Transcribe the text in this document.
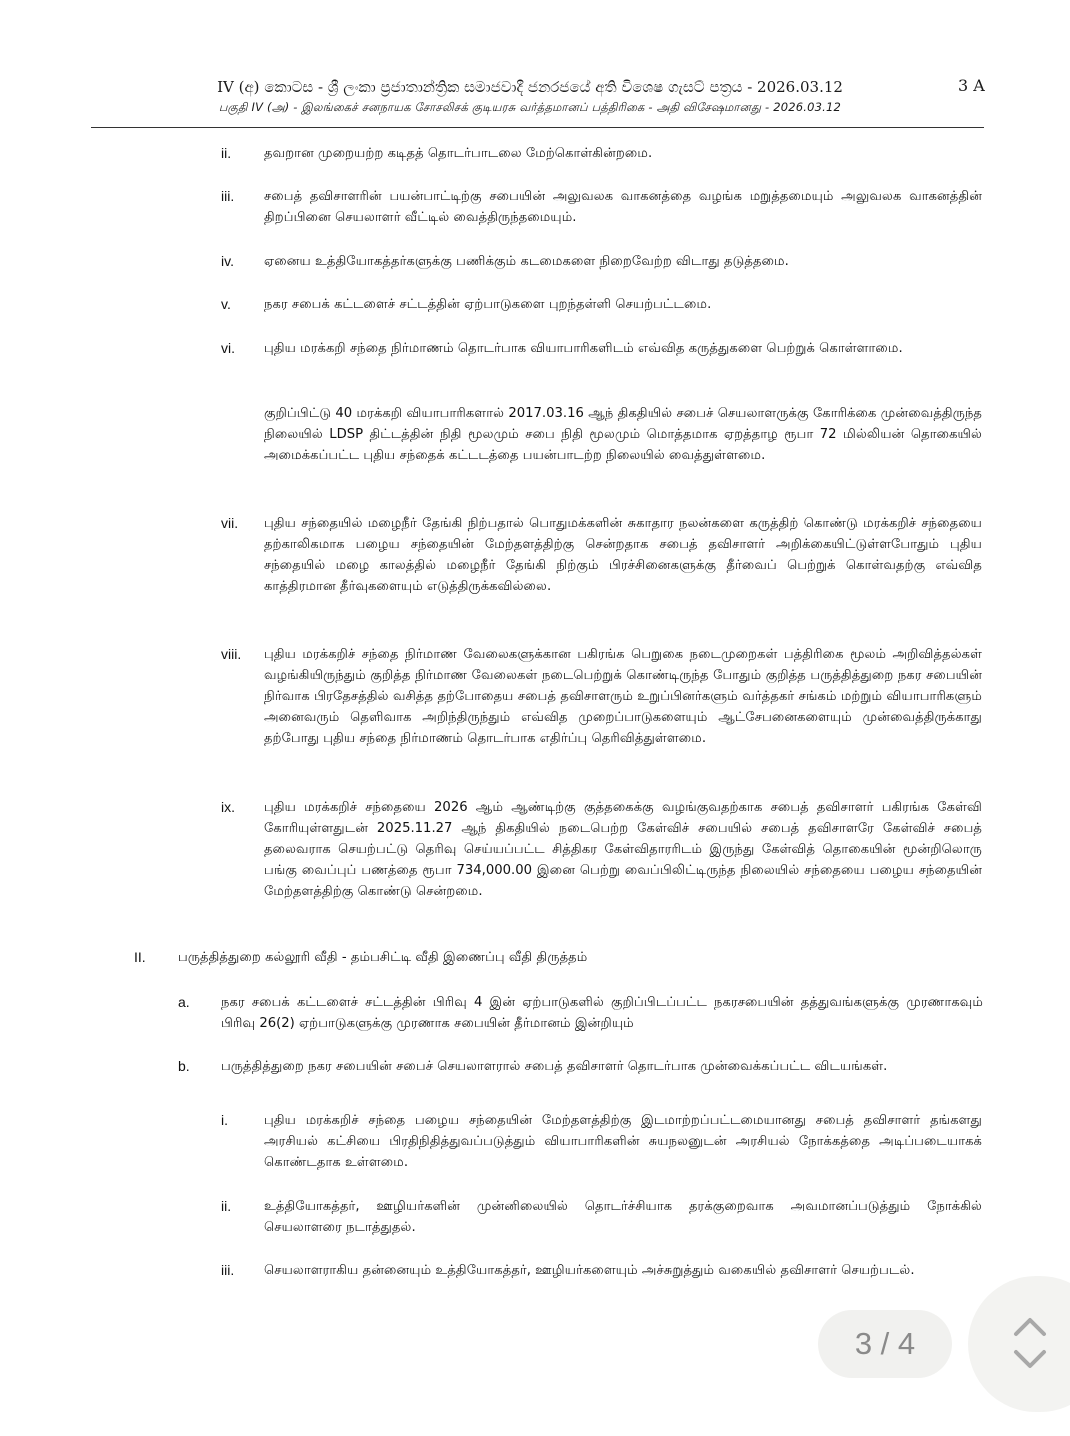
IV (අ) කොටස - ශ්‍රී ලංකා ප්‍රජාතාන්ත්‍රික සමාජවාදී ජනරජයේ අති විශෙෂ ගැසට් පත්‍රය - 2026.03.12
பகுதி IV (அ) - இலங்கைச் சனநாயக சோசலிசக் குடியரசு வர்த்தமானப் பத்திரிகை - அதி விசேஷமானது - 2026.03.12
3 A
ii. தவறான முறையற்ற கடிதத் தொடர்பாடலை மேற்கொள்கின்றமை.
iii. சபைத் தவிசாளரின் பயன்பாட்டிற்கு சபையின் அலுவலக வாகனத்தை வழங்க மறுத்தமையும் அலுவலக வாகனத்தின் திறப்பினை செயலாளர் வீட்டில் வைத்திருந்தமையும்.
iv. ஏனைய உத்தியோகத்தர்களுக்கு பணிக்கும் கடமைகளை நிறைவேற்ற விடாது தடுத்தமை.
v.	நகர சபைக் கட்டளைச் சட்டத்தின் ஏற்பாடுகளை புறந்தள்ளி செயற்பட்டமை.
vi. புதிய மரக்கறி சந்தை நிர்மாணம் தொடர்பாக வியாபாரிகளிடம் எவ்வித கருத்துகளை பெற்றுக் கொள்ளாமை.
குறிப்பிட்டு 40 மரக்கறி வியாபாரிகளால் 2017.03.16 ஆந் திகதியில் சபைச் செயலாளருக்கு கோரிக்கை முன்வைத்திருந்த நிலையில் LDSP திட்டத்தின் நிதி மூலமும் சபை நிதி மூலமும் மொத்தமாக ஏறத்தாழ ரூபா 72 மில்லியன் தொகையில் அமைக்கப்பட்ட புதிய சந்தைக் கட்டடத்தை பயன்பாடற்ற நிலையில் வைத்துள்ளமை.
vii. புதிய சந்தையில் மழைநீர் தேங்கி நிற்பதால் பொதுமக்களின் சுகாதார நலன்களை கருத்திற் கொண்டு மரக்கறிச் சந்தையை தற்காலிகமாக பழைய சந்தையின் மேற்தளத்திற்கு சென்றதாக சபைத் தவிசாளர் அறிக்கையிட்டுள்ளபோதும் புதிய சந்தையில் மழை காலத்தில் மழைநீர் தேங்கி நிற்கும் பிரச்சினைகளுக்கு தீர்வைப் பெற்றுக் கொள்வதற்கு எவ்வித காத்திரமான தீர்வுகளையும் எடுத்திருக்கவில்லை.
viii. புதிய மரக்கறிச் சந்தை நிர்மாண வேலைகளுக்கான பகிரங்க பெறுகை நடைமுறைகள் பத்திரிகை மூலம் அறிவித்தல்கள் வழங்கியிருந்தும் குறித்த நிர்மாண வேலைகள் நடைபெற்றுக் கொண்டிருந்த போதும் குறித்த பருத்தித்துறை நகர சபையின் நிர்வாக பிரதேசத்தில் வசித்த தற்போதைய சபைத் தவிசாளரும் உறுப்பினர்களும் வர்த்தகர் சங்கம் மற்றும் வியாபாரிகளும் அனைவரும் தெளிவாக அறிந்திருந்தும் எவ்வித முறைப்பாடுகளையும் ஆட்சேபனைகளையும் முன்வைத்திருக்காது தற்போது புதிய சந்தை நிர்மாணம் தொடர்பாக எதிர்ப்பு தெரிவித்துள்ளமை.
ix. புதிய மரக்கறிச் சந்தையை 2026 ஆம் ஆண்டிற்கு குத்தகைக்கு வழங்குவதற்காக சபைத் தவிசாளர் பகிரங்க கேள்வி கோரியுள்ளதுடன் 2025.11.27 ஆந் திகதியில் நடைபெற்ற கேள்விச் சபையில் சபைத் தவிசாளரே கேள்விச் சபைத் தலைவராக செயற்பட்டு தெரிவு செய்யப்பட்ட சித்திகர கேள்விதாரரிடம் இருந்து கேள்வித் தொகையின் மூன்றிலொரு பங்கு வைப்புப் பணத்தை ரூபா 734,000.00 இனை பெற்று வைப்பிலிட்டிருந்த நிலையில் சந்தையை பழைய சந்தையின் மேற்தளத்திற்கு கொண்டு சென்றமை.
II. பருத்தித்துறை கல்லூரி வீதி - தம்பசிட்டி வீதி இணைப்பு வீதி திருத்தம்
a. நகர சபைக் கட்டளைச் சட்டத்தின் பிரிவு 4 இன் ஏற்பாடுகளில் குறிப்பிடப்பட்ட நகரசபையின் தத்துவங்களுக்கு முரணாகவும் பிரிவு 26(2) ஏற்பாடுகளுக்கு முரணாக சபையின் தீர்மானம் இன்றியும்
b. பருத்தித்துறை நகர சபையின் சபைச் செயலாளரால் சபைத் தவிசாளர் தொடர்பாக முன்வைக்கப்பட்ட விடயங்கள்.
i.	புதிய மரக்கறிச் சந்தை பழைய சந்தையின் மேற்தளத்திற்கு இடமாற்றப்பட்டமையானது சபைத் தவிசாளர் தங்களது அரசியல் கட்சியை பிரதிநிதித்துவப்படுத்தும் வியாபாரிகளின் சுயநலனுடன் அரசியல் நோக்கத்தை அடிப்படையாகக் கொண்டதாக உள்ளமை.
ii. உத்தியோகத்தர், ஊழியர்களின் முன்னிலையில் தொடர்ச்சியாக தரக்குறைவாக அவமானப்படுத்தும் நோக்கில் செயலாளரை நடாத்துதல்.
iii. செயலாளராகிய தன்னையும் உத்தியோகத்தர், ஊழியர்களையும் அச்சுறுத்தும் வகையில் தவிசாளர் செயற்படல்.
3 / 4
